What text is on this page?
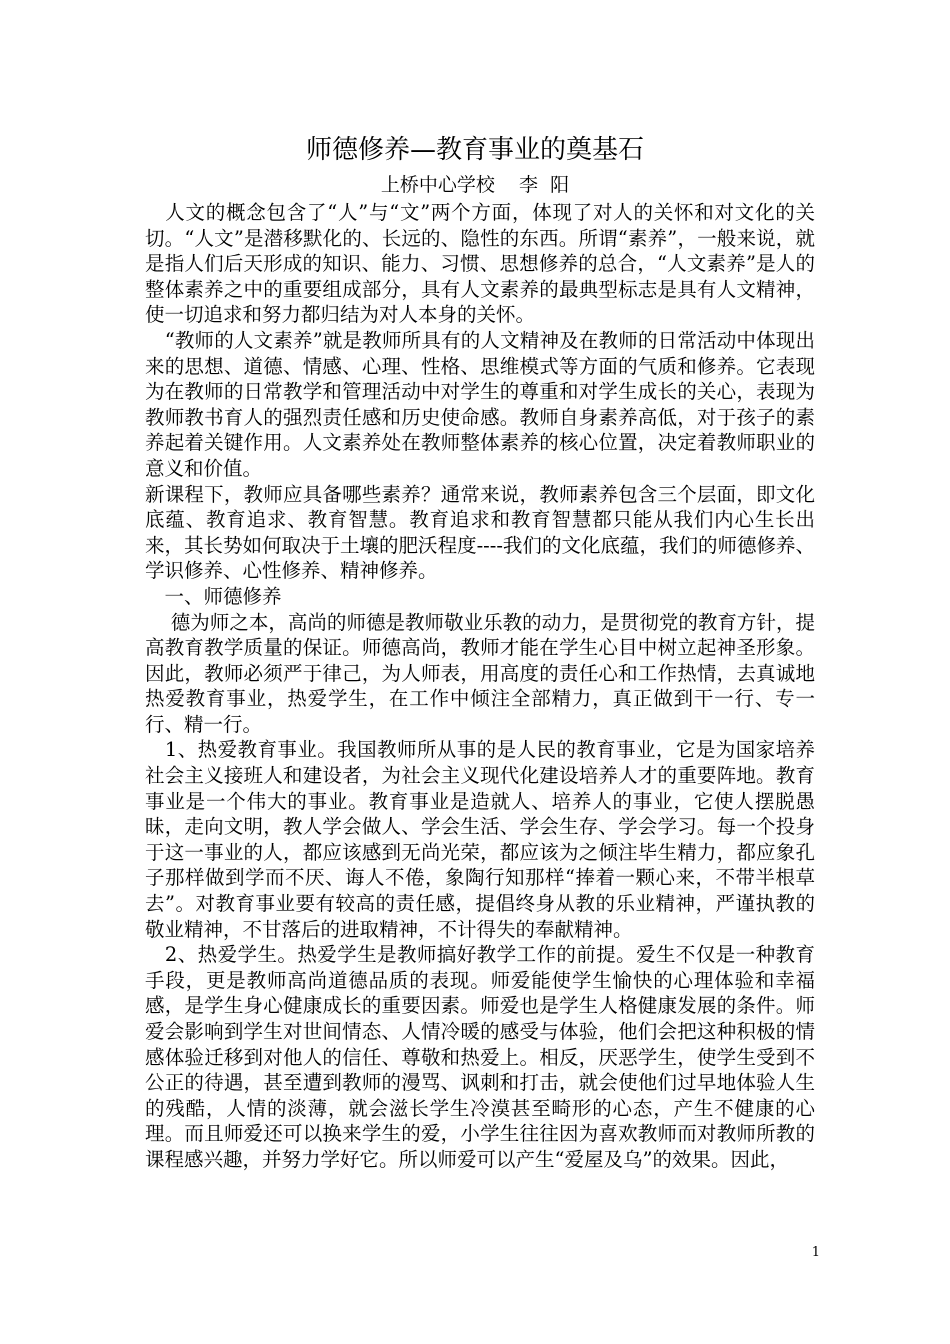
师德修养—教育事业的奠基石
上桥中心学校    李  阳

　人文的概念包含了“人”与“文”两个方面，体现了对人的关怀和对文化的关切。“人文”是潜移默化的、长远的、隐性的东西。所谓“素养”，一般来说，就是指人们后天形成的知识、能力、习惯、思想修养的总合，“人文素养”是人的整体素养之中的重要组成部分，具有人文素养的最典型标志是具有人文精神，使一切追求和努力都归结为对人本身的关怀。

　“教师的人文素养”就是教师所具有的人文精神及在教师的日常活动中体现出来的思想、道德、情感、心理、性格、思维模式等方面的气质和修养。它表现为在教师的日常教学和管理活动中对学生的尊重和对学生成长的关心，表现为教师教书育人的强烈责任感和历史使命感。教师自身素养高低，对于孩子的素养起着关键作用。人文素养处在教师整体素养的核心位置，决定着教师职业的意义和价值。

新课程下，教师应具备哪些素养？通常来说，教师素养包含三个层面，即文化底蕴、教育追求、教育智慧。教育追求和教育智慧都只能从我们内心生长出来，其长势如何取决于土壤的肥沃程度----我们的文化底蕴，我们的师德修养、学识修养、心性修养、精神修养。

　一、师德修养

　 德为师之本，高尚的师德是教师敬业乐教的动力，是贯彻党的教育方针，提高教育教学质量的保证。师德高尚，教师才能在学生心目中树立起神圣形象。因此，教师必须严于律己，为人师表，用高度的责任心和工作热情，去真诚地热爱教育事业，热爱学生，在工作中倾注全部精力，真正做到干一行、专一行、精一行。

　1、热爱教育事业。我国教师所从事的是人民的教育事业，它是为国家培养社会主义接班人和建设者，为社会主义现代化建设培养人才的重要阵地。教育事业是一个伟大的事业。教育事业是造就人、培养人的事业，它使人摆脱愚昧，走向文明，教人学会做人、学会生活、学会生存、学会学习。每一个投身于这一事业的人，都应该感到无尚光荣，都应该为之倾注毕生精力，都应象孔子那样做到学而不厌、诲人不倦，象陶行知那样“捧着一颗心来，不带半根草去”。对教育事业要有较高的责任感，提倡终身从教的乐业精神，严谨执教的敬业精神，不甘落后的进取精神，不计得失的奉献精神。

　2、热爱学生。热爱学生是教师搞好教学工作的前提。爱生不仅是一种教育手段，更是教师高尚道德品质的表现。师爱能使学生愉快的心理体验和幸福感，是学生身心健康成长的重要因素。师爱也是学生人格健康发展的条件。师爱会影响到学生对世间情态、人情冷暖的感受与体验，他们会把这种积极的情感体验迁移到对他人的信任、尊敬和热爱上。相反，厌恶学生，使学生受到不公正的待遇，甚至遭到教师的漫骂、讽刺和打击，就会使他们过早地体验人生的残酷，人情的淡薄，就会滋长学生冷漠甚至畸形的心态，产生不健康的心理。而且师爱还可以换来学生的爱，小学生往往因为喜欢教师而对教师所教的课程感兴趣，并努力学好它。所以师爱可以产生“爱屋及乌”的效果。因此，

1
